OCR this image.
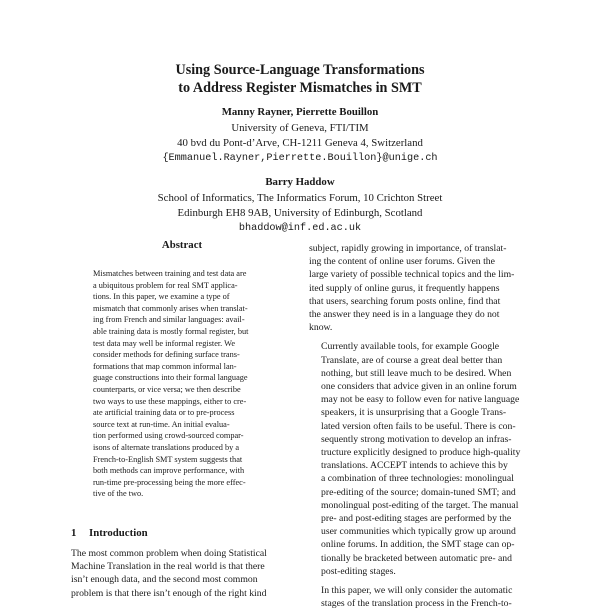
Using Source-Language Transformations
to Address Register Mismatches in SMT
Manny Rayner, Pierrette Bouillon
University of Geneva, FTI/TIM
40 bvd du Pont-d’Arve, CH-1211 Geneva 4, Switzerland
{Emmanuel.Rayner,Pierrette.Bouillon}@unige.ch
Barry Haddow
School of Informatics, The Informatics Forum, 10 Crichton Street
Edinburgh EH8 9AB, University of Edinburgh, Scotland
bhaddow@inf.ed.ac.uk
Abstract
Mismatches between training and test data are
a ubiquitous problem for real SMT applica-
tions. In this paper, we examine a type of
mismatch that commonly arises when translat-
ing from French and similar languages: avail-
able training data is mostly formal register, but
test data may well be informal register. We
consider methods for defining surface trans-
formations that map common informal lan-
guage constructions into their formal language
counterparts, or vice versa; we then describe
two ways to use these mappings, either to cre-
ate artificial training data or to pre-process
source text at run-time. An initial evalua-
tion performed using crowd-sourced compar-
isons of alternate translations produced by a
French-to-English SMT system suggests that
both methods can improve performance, with
run-time pre-processing being the more effec-
tive of the two.
1 Introduction
The most common problem when doing Statistical
Machine Translation in the real world is that there
isn’t enough data, and the second most common
problem is that there isn’t enough of the right kind

subject, rapidly growing in importance, of translat-
ing the content of online user forums. Given the
large variety of possible technical topics and the lim-
ited supply of online gurus, it frequently happens
that users, searching forum posts online, find that
the answer they need is in a language they do not
know.

Currently available tools, for example Google
Translate, are of course a great deal better than
nothing, but still leave much to be desired. When
one considers that advice given in an online forum
may not be easy to follow even for native language
speakers, it is unsurprising that a Google Trans-
lated version often fails to be useful. There is con-
sequently strong motivation to develop an infras-
tructure explicitly designed to produce high-quality
translations. ACCEPT intends to achieve this by
a combination of three technologies: monolingual
pre-editing of the source; domain-tuned SMT; and
monolingual post-editing of the target. The manual
pre- and post-editing stages are performed by the
user communities which typically grow up around
online forums. In addition, the SMT stage can op-
tionally be bracketed between automatic pre- and
post-editing stages.

In this paper, we will only consider the automatic
stages of the translation process in the French-to-
